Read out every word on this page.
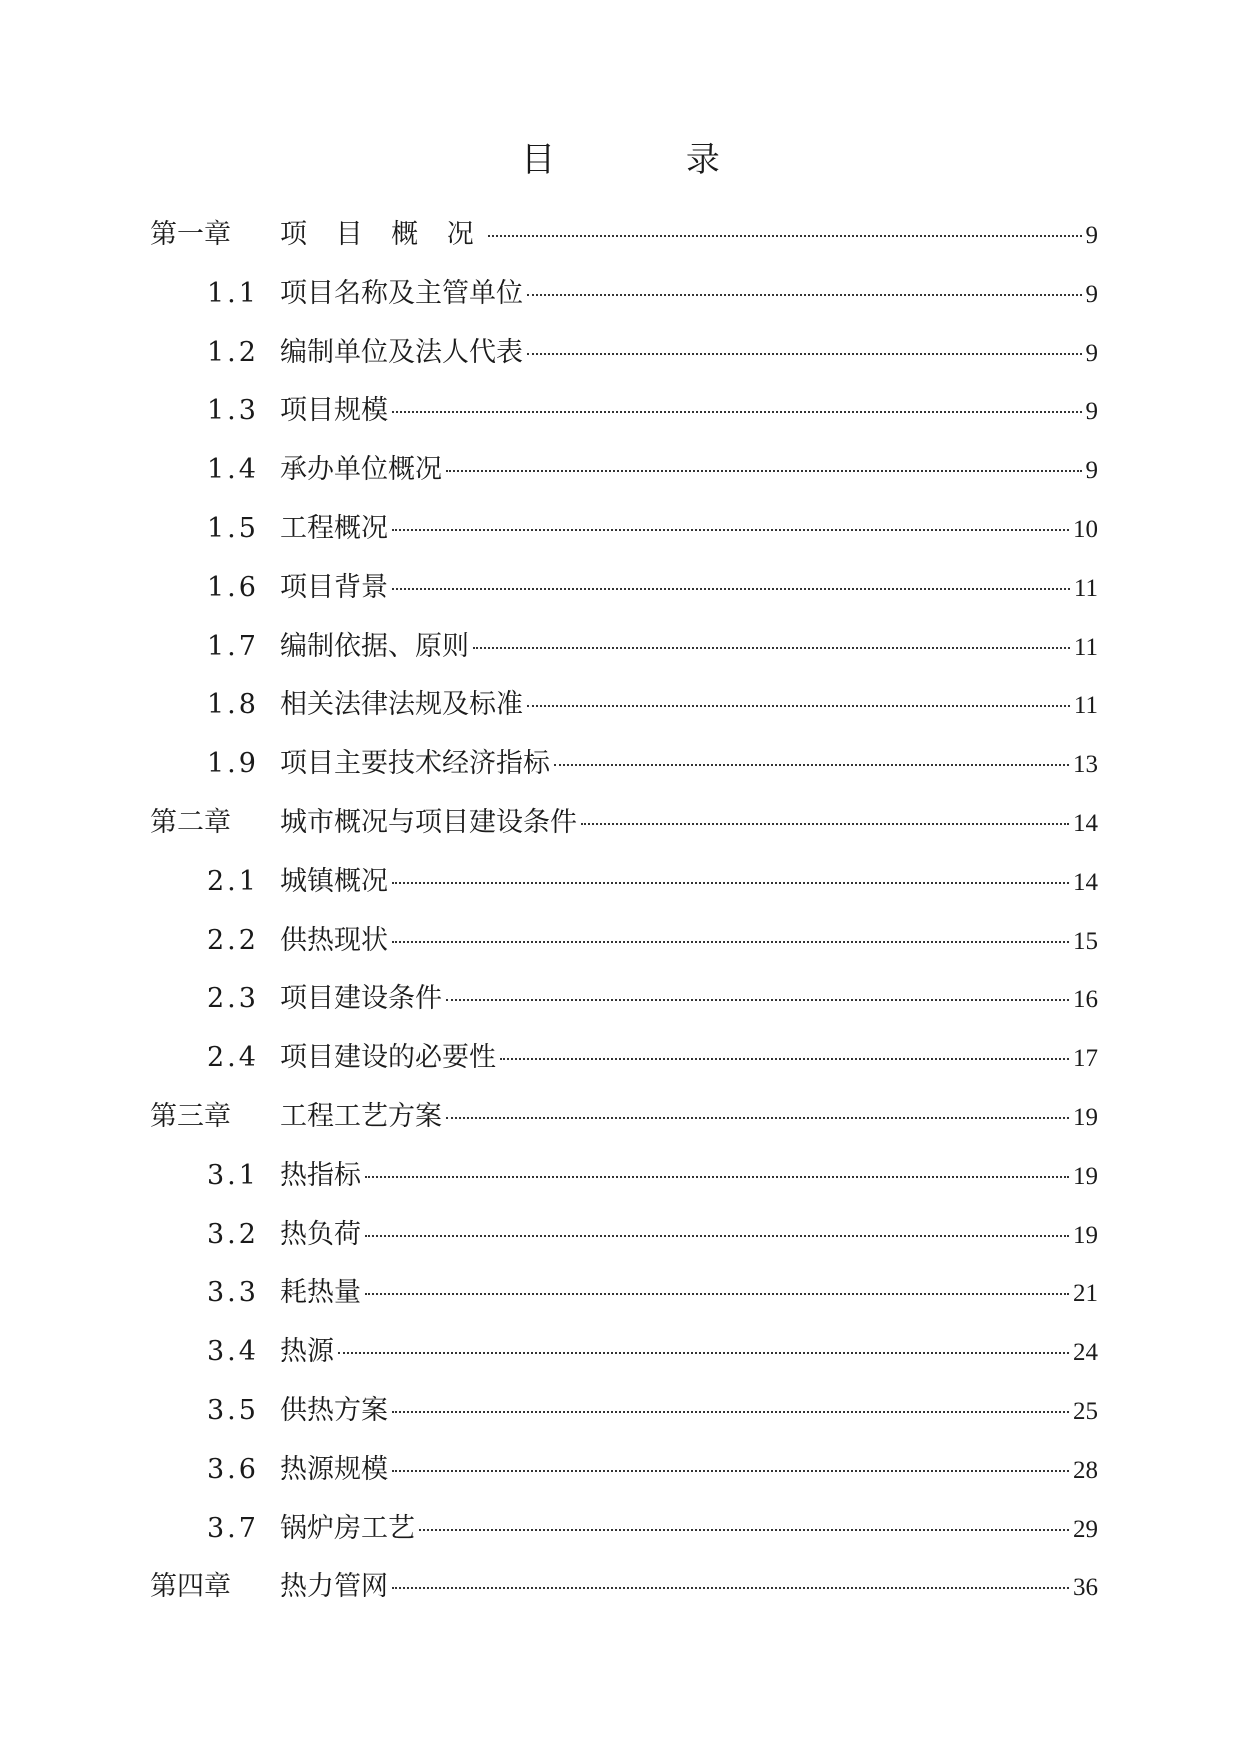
目 录
第一章	项 目 概 况	9
1.1 项目名称及主管单位	9
1.2 编制单位及法人代表	9
1.3 项目规模	9
1.4 承办单位概况	9
1.5 工程概况	10
1.6 项目背景	11
1.7 编制依据、原则	11
1.8 相关法律法规及标准	11
1.9 项目主要技术经济指标	13
第二章	城市概况与项目建设条件	14
2.1 城镇概况	14
2.2 供热现状	15
2.3 项目建设条件	16
2.4 项目建设的必要性	17
第三章	工程工艺方案	19
3.1 热指标	19
3.2 热负荷	19
3.3 耗热量	21
3.4 热源	24
3.5 供热方案	25
3.6 热源规模	28
3.7 锅炉房工艺	29
第四章	热力管网	36
